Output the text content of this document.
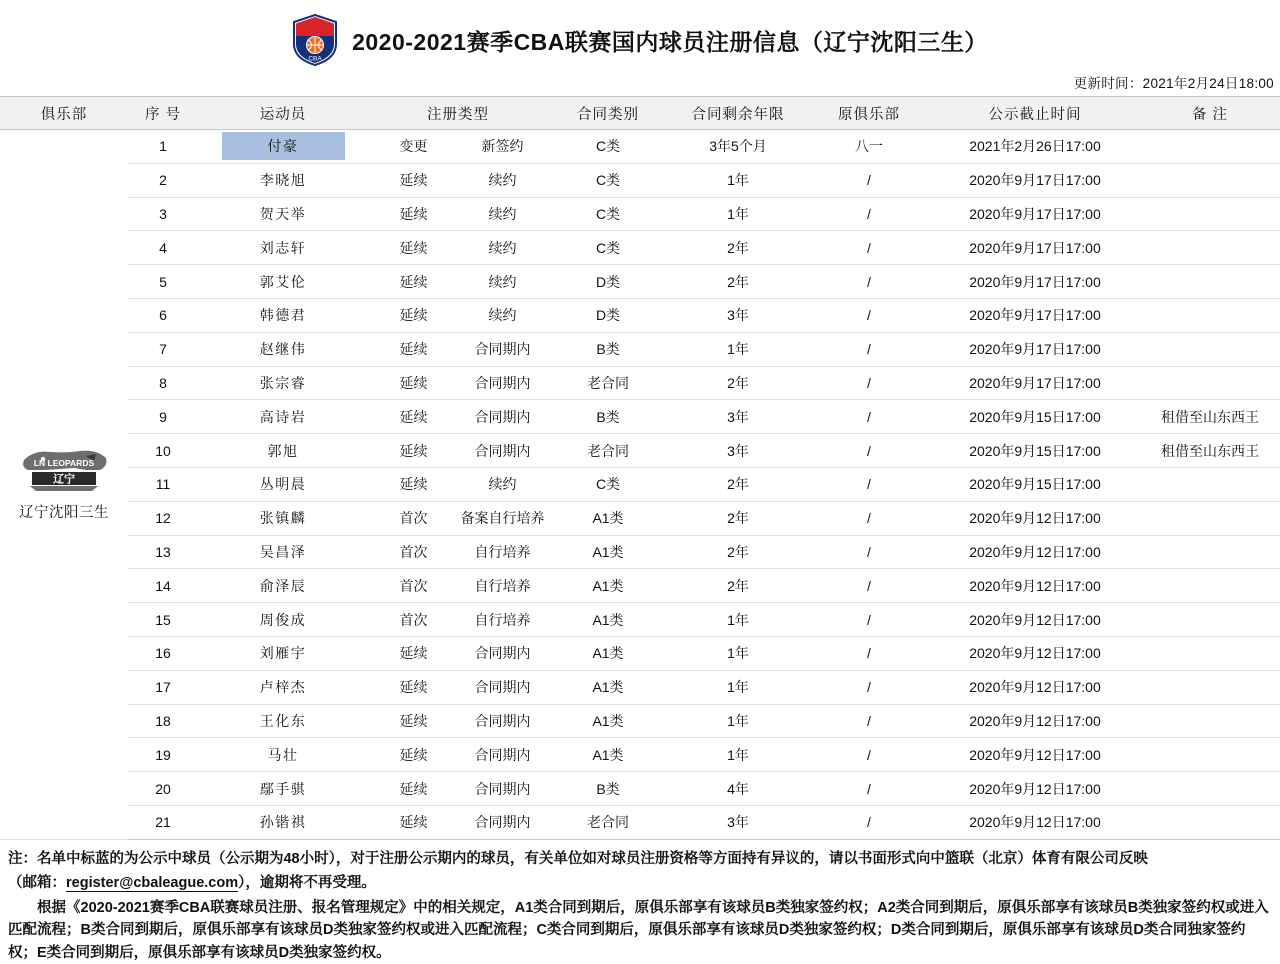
CBA
2020-2021赛季CBA联赛国内球员注册信息（辽宁沈阳三生）
更新时间：2021年2月24日18:00
俱乐部	序 号	运动员	注册类型	合同类别	合同剩余年限	原俱乐部	公示截止时间	备 注

LN LEOPARDS
辽宁
辽宁沈阳三生	1	付豪	变更 新签约	C类	3年5个月	八一	2021年2月26日17:00	
	2	李晓旭	延续 续约	C类	1年	/	2020年9月17日17:00	
	3	贺天举	延续 续约	C类	1年	/	2020年9月17日17:00	
	4	刘志轩	延续 续约	C类	2年	/	2020年9月17日17:00	
	5	郭艾伦	延续 续约	D类	2年	/	2020年9月17日17:00	
	6	韩德君	延续 续约	D类	3年	/	2020年9月17日17:00	
	7	赵继伟	延续 合同期内	B类	1年	/	2020年9月17日17:00	
	8	张宗睿	延续 合同期内	老合同	2年	/	2020年9月17日17:00	
	9	高诗岩	延续 合同期内	B类	3年	/	2020年9月15日17:00	租借至山东西王
	10	郭旭	延续 合同期内	老合同	3年	/	2020年9月15日17:00	租借至山东西王
	11	丛明晨	延续 续约	C类	2年	/	2020年9月15日17:00	
	12	张镇麟	首次 备案自行培养	A1类	2年	/	2020年9月12日17:00	
	13	吴昌泽	首次 自行培养	A1类	2年	/	2020年9月12日17:00	
	14	俞泽辰	首次 自行培养	A1类	2年	/	2020年9月12日17:00	
	15	周俊成	首次 自行培养	A1类	1年	/	2020年9月12日17:00	
	16	刘雁宇	延续 合同期内	A1类	1年	/	2020年9月12日17:00	
	17	卢梓杰	延续 合同期内	A1类	1年	/	2020年9月12日17:00	
	18	王化东	延续 合同期内	A1类	1年	/	2020年9月12日17:00	
	19	马壮	延续 合同期内	A1类	1年	/	2020年9月12日17:00	
	20	鄢手骐	延续 合同期内	B类	4年	/	2020年9月12日17:00	
	21	孙锴祺	延续 合同期内	老合同	3年	/	2020年9月12日17:00	

注：名单中标蓝的为公示中球员（公示期为48小时），对于注册公示期内的球员，有关单位如对球员注册资格等方面持有异议的，请以书面形式向中篮联（北京）体育有限公司反映

（邮箱：register@cbaleague.com），逾期将不再受理。

根据《2020-2021赛季CBA联赛球员注册、报名管理规定》中的相关规定，A1类合同到期后，原俱乐部享有该球员B类独家签约权；A2类合同到期后，原俱乐部享有该球员B类独家签约权或进入匹配流程；B类合同到期后，原俱乐部享有该球员D类独家签约权或进入匹配流程；C类合同到期后，原俱乐部享有该球员D类独家签约权；D类合同到期后，原俱乐部享有该球员D类合同独家签约权；E类合同到期后，原俱乐部享有该球员D类独家签约权。
